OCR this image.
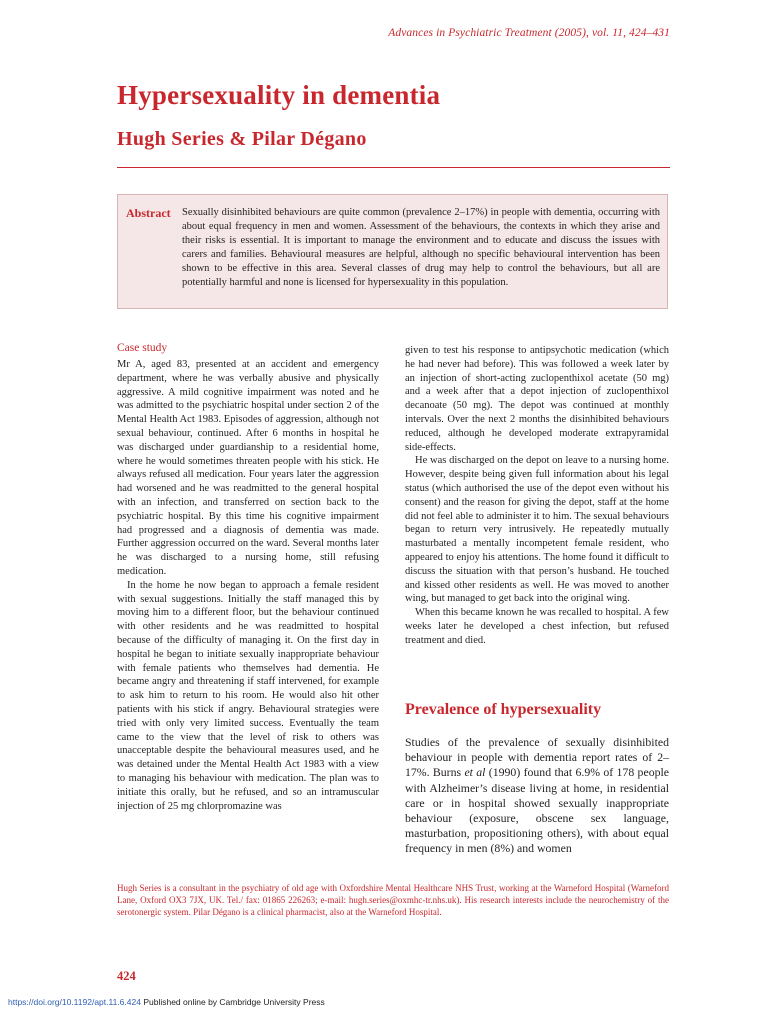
Advances in Psychiatric Treatment (2005), vol. 11, 424–431
Hypersexuality in dementia
Hugh Series & Pilar Dégano
Abstract Sexually disinhibited behaviours are quite common (prevalence 2–17%) in people with dementia, occurring with about equal frequency in men and women. Assessment of the behaviours, the contexts in which they arise and their risks is essential. It is important to manage the environment and to educate and discuss the issues with carers and families. Behavioural measures are helpful, although no specific behavioural intervention has been shown to be effective in this area. Several classes of drug may help to control the behaviours, but all are potentially harmful and none is licensed for hypersexuality in this population.

Case study

Mr A, aged 83, presented at an accident and emergency department, where he was verbally abusive and physically aggressive. A mild cognitive impairment was noted and he was admitted to the psychiatric hospital under section 2 of the Mental Health Act 1983. Episodes of aggression, although not sexual behaviour, continued. After 6 months in hospital he was discharged under guardianship to a residential home, where he would sometimes threaten people with his stick. He always refused all medication. Four years later the aggression had worsened and he was readmitted to the general hospital with an infection, and transferred on section back to the psychiatric hospital. By this time his cognitive impairment had progressed and a diagnosis of dementia was made. Further aggression occurred on the ward. Several months later he was discharged to a nursing home, still refusing medication.

In the home he now began to approach a female resident with sexual suggestions. Initially the staff managed this by moving him to a different floor, but the behaviour continued with other residents and he was readmitted to hospital because of the difficulty of managing it. On the first day in hospital he began to initiate sexually inappropriate behaviour with female patients who themselves had dementia. He became angry and threatening if staff intervened, for example to ask him to return to his room. He would also hit other patients with his stick if angry. Behavioural strategies were tried with only very limited success. Eventually the team came to the view that the level of risk to others was unacceptable despite the behavioural measures used, and he was detained under the Mental Health Act 1983 with a view to managing his behaviour with medication. The plan was to initiate this orally, but he refused, and so an intramuscular injection of 25 mg chlorpromazine was

given to test his response to antipsychotic medication (which he had never had before). This was followed a week later by an injection of short-acting zuclopenthixol acetate (50 mg) and a week after that a depot injection of zuclopenthixol decanoate (50 mg). The depot was continued at monthly intervals. Over the next 2 months the disinhibited behaviours reduced, although he developed moderate extrapyramidal side-effects.

He was discharged on the depot on leave to a nursing home. However, despite being given full information about his legal status (which authorised the use of the depot even without his consent) and the reason for giving the depot, staff at the home did not feel able to administer it to him. The sexual behaviours began to return very intrusively. He repeatedly mutually masturbated a mentally incompetent female resident, who appeared to enjoy his attentions. The home found it difficult to discuss the situation with that person’s husband. He touched and kissed other residents as well. He was moved to another wing, but managed to get back into the original wing.

When this became known he was recalled to hospital. A few weeks later he developed a chest infection, but refused treatment and died.

Prevalence of hypersexuality

Studies of the prevalence of sexually disinhibited behaviour in people with dementia report rates of 2–17%. Burns et al (1990) found that 6.9% of 178 people with Alzheimer’s disease living at home, in residential care or in hospital showed sexually inappropriate behaviour (exposure, obscene sex language, masturbation, propositioning others), with about equal frequency in men (8%) and women

Hugh Series is a consultant in the psychiatry of old age with Oxfordshire Mental Healthcare NHS Trust, working at the Warneford Hospital (Warneford Lane, Oxford OX3 7JX, UK. Tel./ fax: 01865 226263; e-mail: hugh.series@oxmhc-tr.nhs.uk). His research interests include the neurochemistry of the serotonergic system. Pilar Dégano is a clinical pharmacist, also at the Warneford Hospital.

424
https://doi.org/10.1192/apt.11.6.424 Published online by Cambridge University Press
